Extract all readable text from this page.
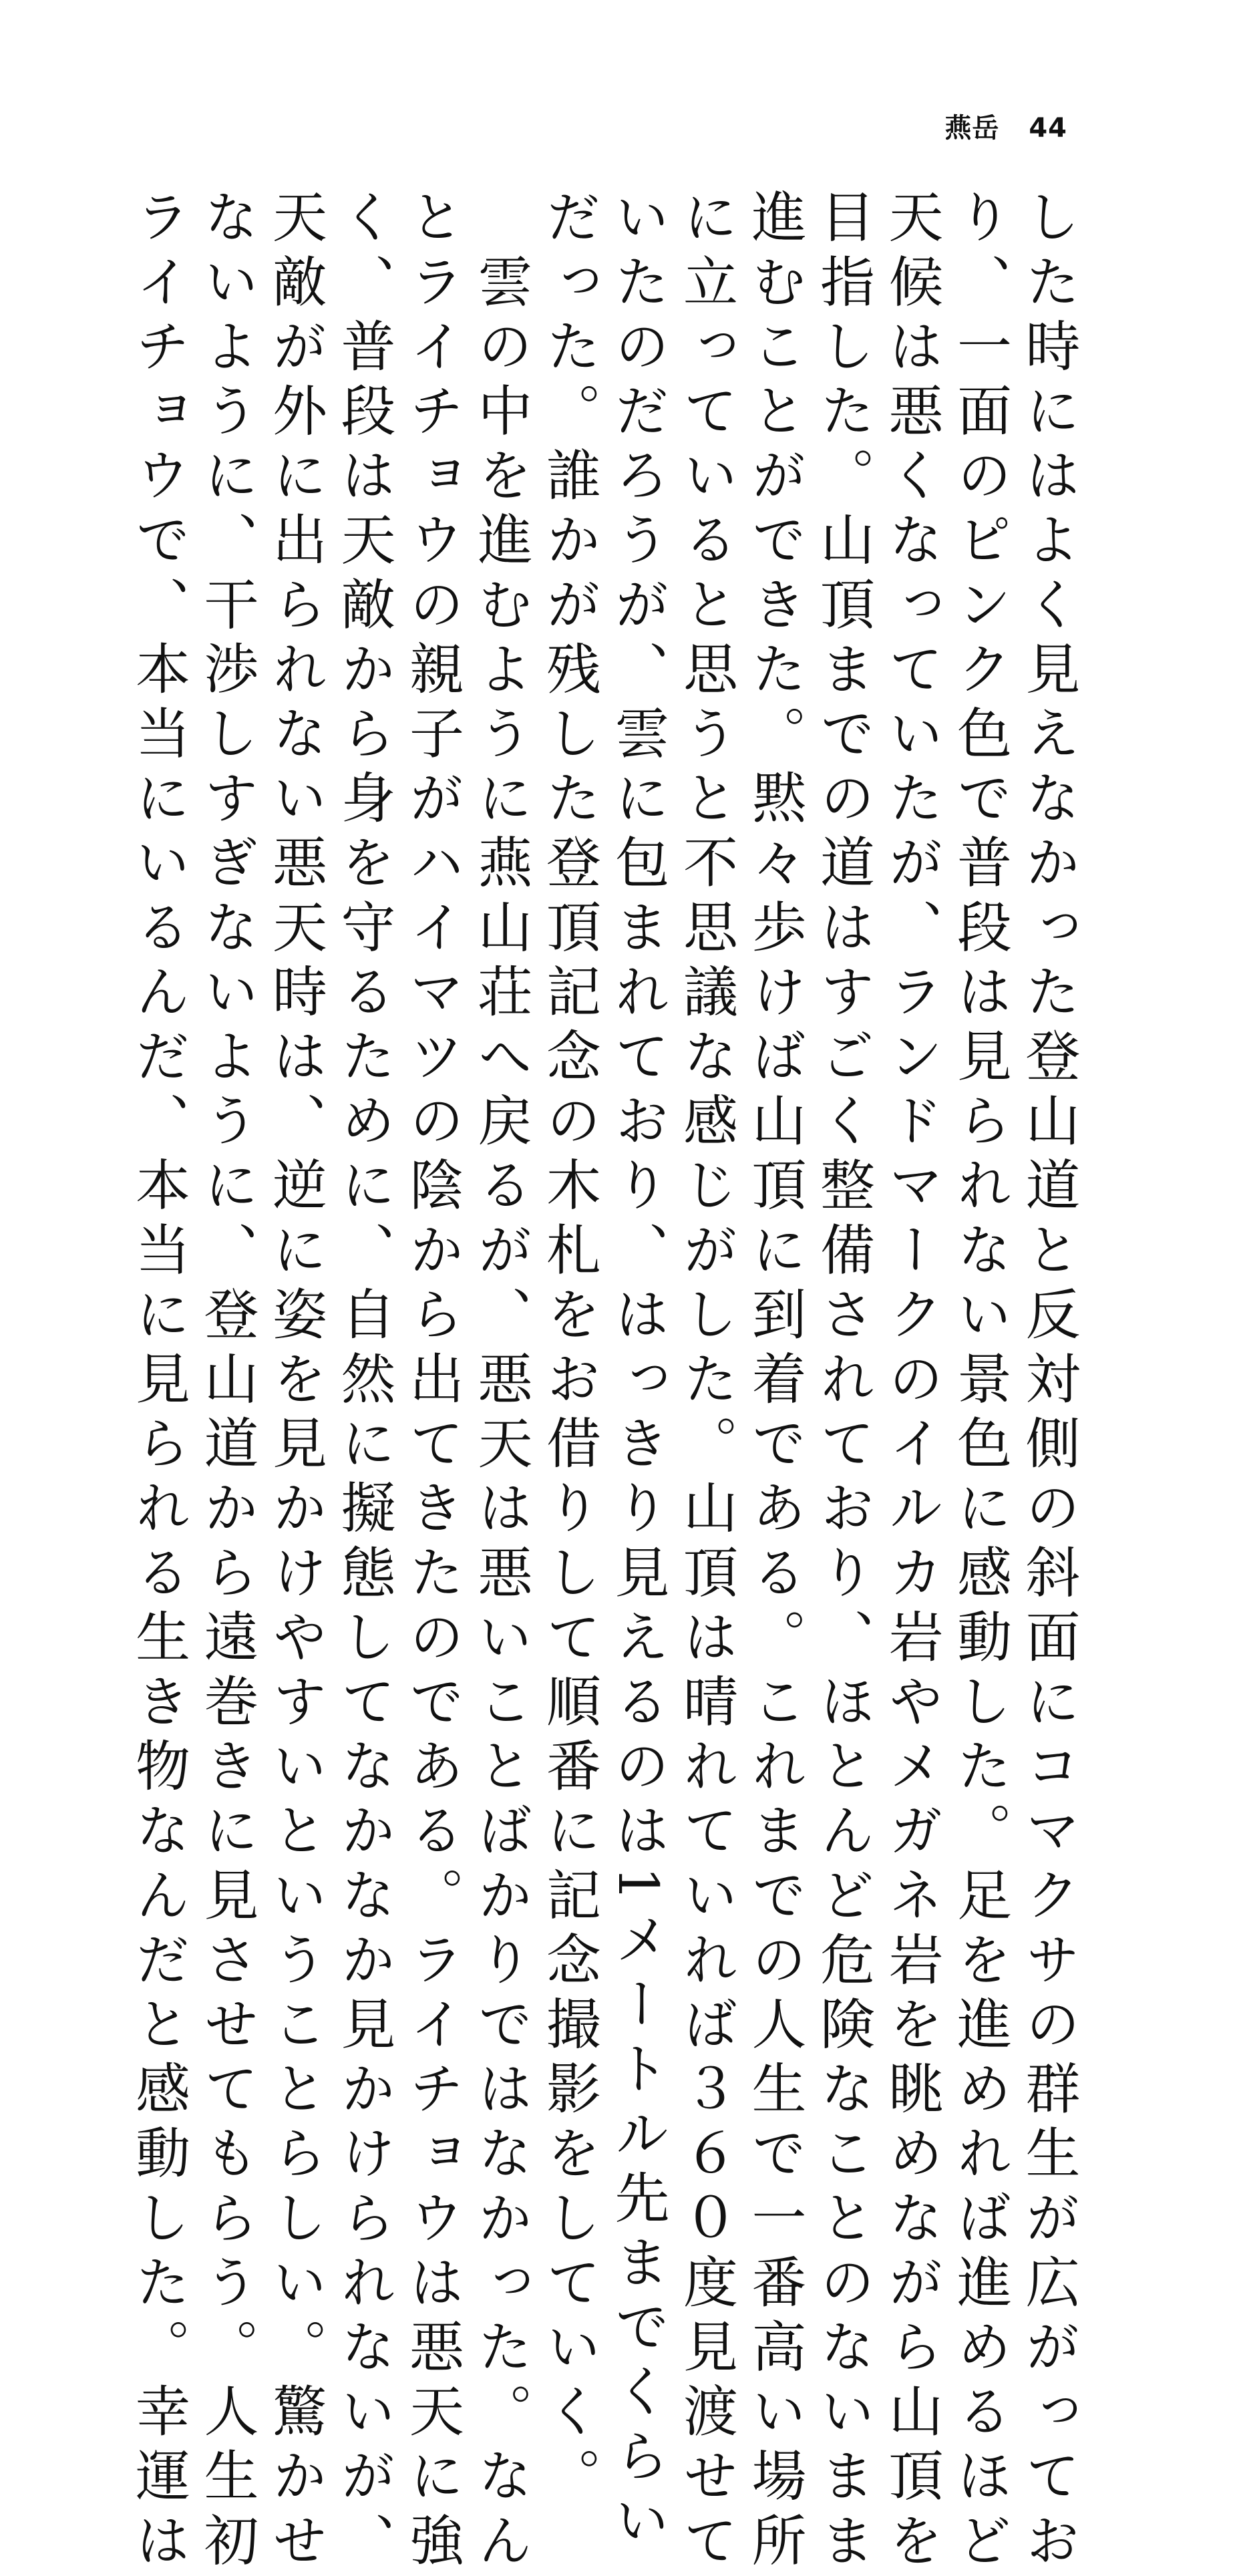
燕岳 44
した時にはよく見えなかった登山道と反対側の斜面にコマクサの群生が広がってお
り、一面のピンク色で普段は見られない景色に感動した。足を進めれば進めるほど
天候は悪くなっていたが、ランドマークのイルカ岩やメガネ岩を眺めながら山頂を
目指した。山頂までの道はすごく整備されており、ほとんど危険なことのないまま
進むことができた。黙々歩けば山頂に到着である。これまでの人生で一番高い場所
に立っていると思うと不思議な感じがした。山頂は晴れていれば３６０度見渡せて
いたのだろうが、雲に包まれており、はっきり見えるのは1メートル先までくらい
だった。誰かが残した登頂記念の木札をお借りして順番に記念撮影をしていく。
　雲の中を進むように燕山荘へ戻るが、悪天は悪いことばかりではなかった。なん
とライチョウの親子がハイマツの陰から出てきたのである。ライチョウは悪天に強
く、普段は天敵から身を守るために、自然に擬態してなかなか見かけられないが、
天敵が外に出られない悪天時は、逆に姿を見かけやすいということらしい。驚かせ
ないように、干渉しすぎないように、登山道から遠巻きに見させてもらう。人生初
ライチョウで、本当にいるんだ、本当に見られる生き物なんだと感動した。幸運は
